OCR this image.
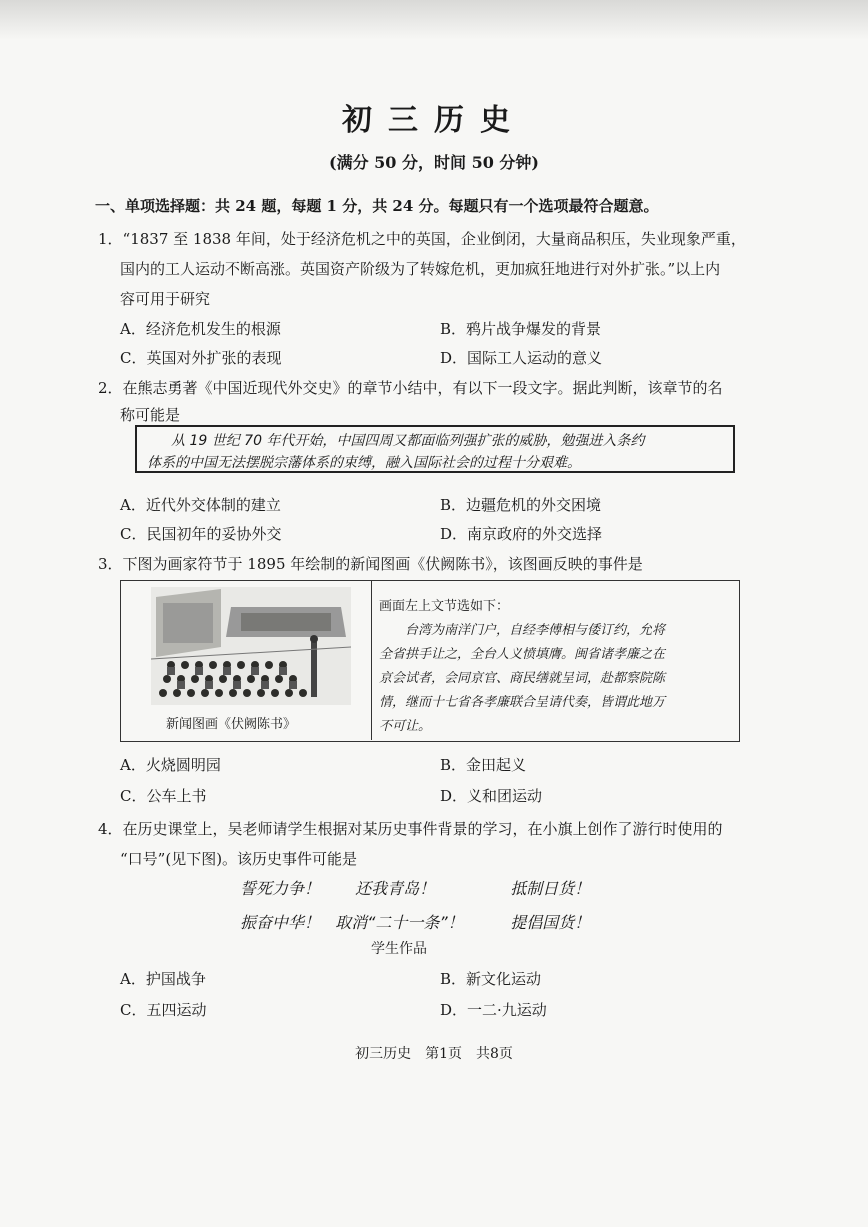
初三历史
(满分 50 分，时间 50 分钟)
一、单项选择题：共 24 题，每题 1 分，共 24 分。每题只有一个选项最符合题意。
1．“1837 至 1838 年间，处于经济危机之中的英国，企业倒闭，大量商品积压，失业现象严重，
国内的工人运动不断高涨。英国资产阶级为了转嫁危机，更加疯狂地进行对外扩张。”以上内
容可用于研究
A．经济危机发生的根源	B．鸦片战争爆发的背景
C．英国对外扩张的表现	D．国际工人运动的意义
2．在熊志勇著《中国近现代外交史》的章节小结中，有以下一段文字。据此判断，该章节的名
称可能是
从 19 世纪 70 年代开始，中国四周又都面临列强扩张的威胁，勉强进入条约
体系的中国无法摆脱宗藩体系的束缚，融入国际社会的过程十分艰难。
A．近代外交体制的建立	B．边疆危机的外交困境
C．民国初年的妥协外交	D．南京政府的外交选择
3．下图为画家符节于 1895 年绘制的新闻图画《伏阙陈书》，该图画反映的事件是
新闻图画《伏阙陈书》
画面左上文节选如下：
台湾为南洋门户，自经李傅相与倭订约，允将
全省拱手让之，全台人义愤填膺。闽省诸孝廉之在
京会试者，会同京官、商民缮就呈词，赴都察院陈
情，继而十七省各孝廉联合呈请代奏，皆谓此地万
不可让。
A．火烧圆明园	B．金田起义
C．公车上书	D．义和团运动
4．在历史课堂上，吴老师请学生根据对某历史事件背景的学习，在小旗上创作了游行时使用的
“口号”(见下图)。该历史事件可能是
誓死力争！ 还我青岛！	抵制日货！
振奋中华！ 取消“二十一条”！	提倡国货！
学生作品
A．护国战争	B．新文化运动
C．五四运动	D．一二·九运动
初三历史　第1页　共8页
